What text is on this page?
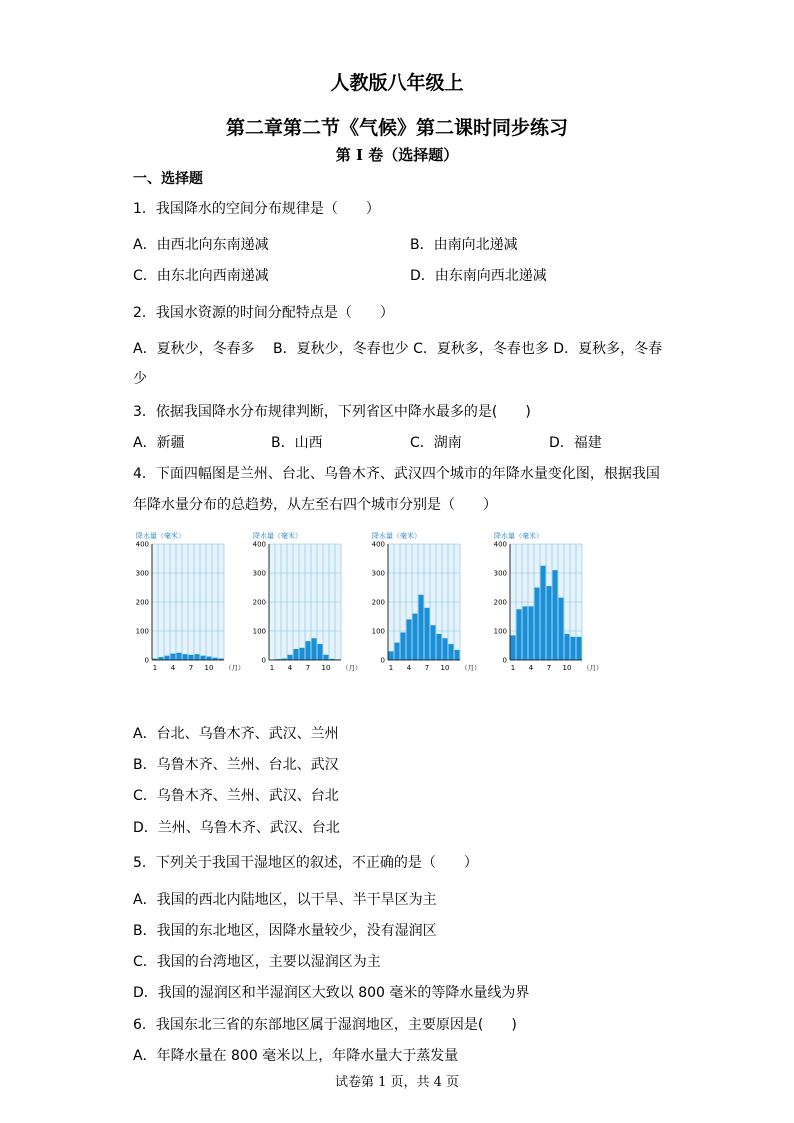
人教版八年级上
第二章第二节《气候》第二课时同步练习
第 I 卷（选择题）
一、选择题
1．我国降水的空间分布规律是（　　）
A．由西北向东南递减	B．由南向北递减
C．由东北向西南递减	D．由东南向西北递减
2．我国水资源的时间分配特点是（　　）
A．夏秋少，冬春多　 B．夏秋少，冬春也少 C．夏秋多，冬春也多 D．夏秋多，冬春
少
3．依据我国降水分布规律判断，下列省区中降水最多的是(　　)
A．新疆	B．山西	C．湖南	D．福建
4．下面四幅图是兰州、台北、乌鲁木齐、武汉四个城市的年降水量变化图，根据我国
年降水量分布的总趋势，从左至右四个城市分别是（　　）
降水量（毫米）
0
100
200
300
400
1 4 7 10 （月）
降水量（毫米）
0
100
200
300
400
1 4 7 10 （月）
降水量（毫米）
0
100
200
300
400
1 4 7 10 （月）
降水量（毫米）
0
100
200
300
400
1 4 7 10 （月）
A．台北、乌鲁木齐、武汉、兰州
B．乌鲁木齐、兰州、台北、武汉
C．乌鲁木齐、兰州、武汉、台北
D．兰州、乌鲁木齐、武汉、台北
5．下列关于我国干湿地区的叙述，不正确的是（　　）
A．我国的西北内陆地区，以干旱、半干旱区为主
B．我国的东北地区，因降水量较少，没有湿润区
C．我国的台湾地区，主要以湿润区为主
D．我国的湿润区和半湿润区大致以 800 毫米的等降水量线为界
6．我国东北三省的东部地区属于湿润地区，主要原因是(　　)
A．年降水量在 800 毫米以上，年降水量大于蒸发量
试卷第 1 页，共 4 页
